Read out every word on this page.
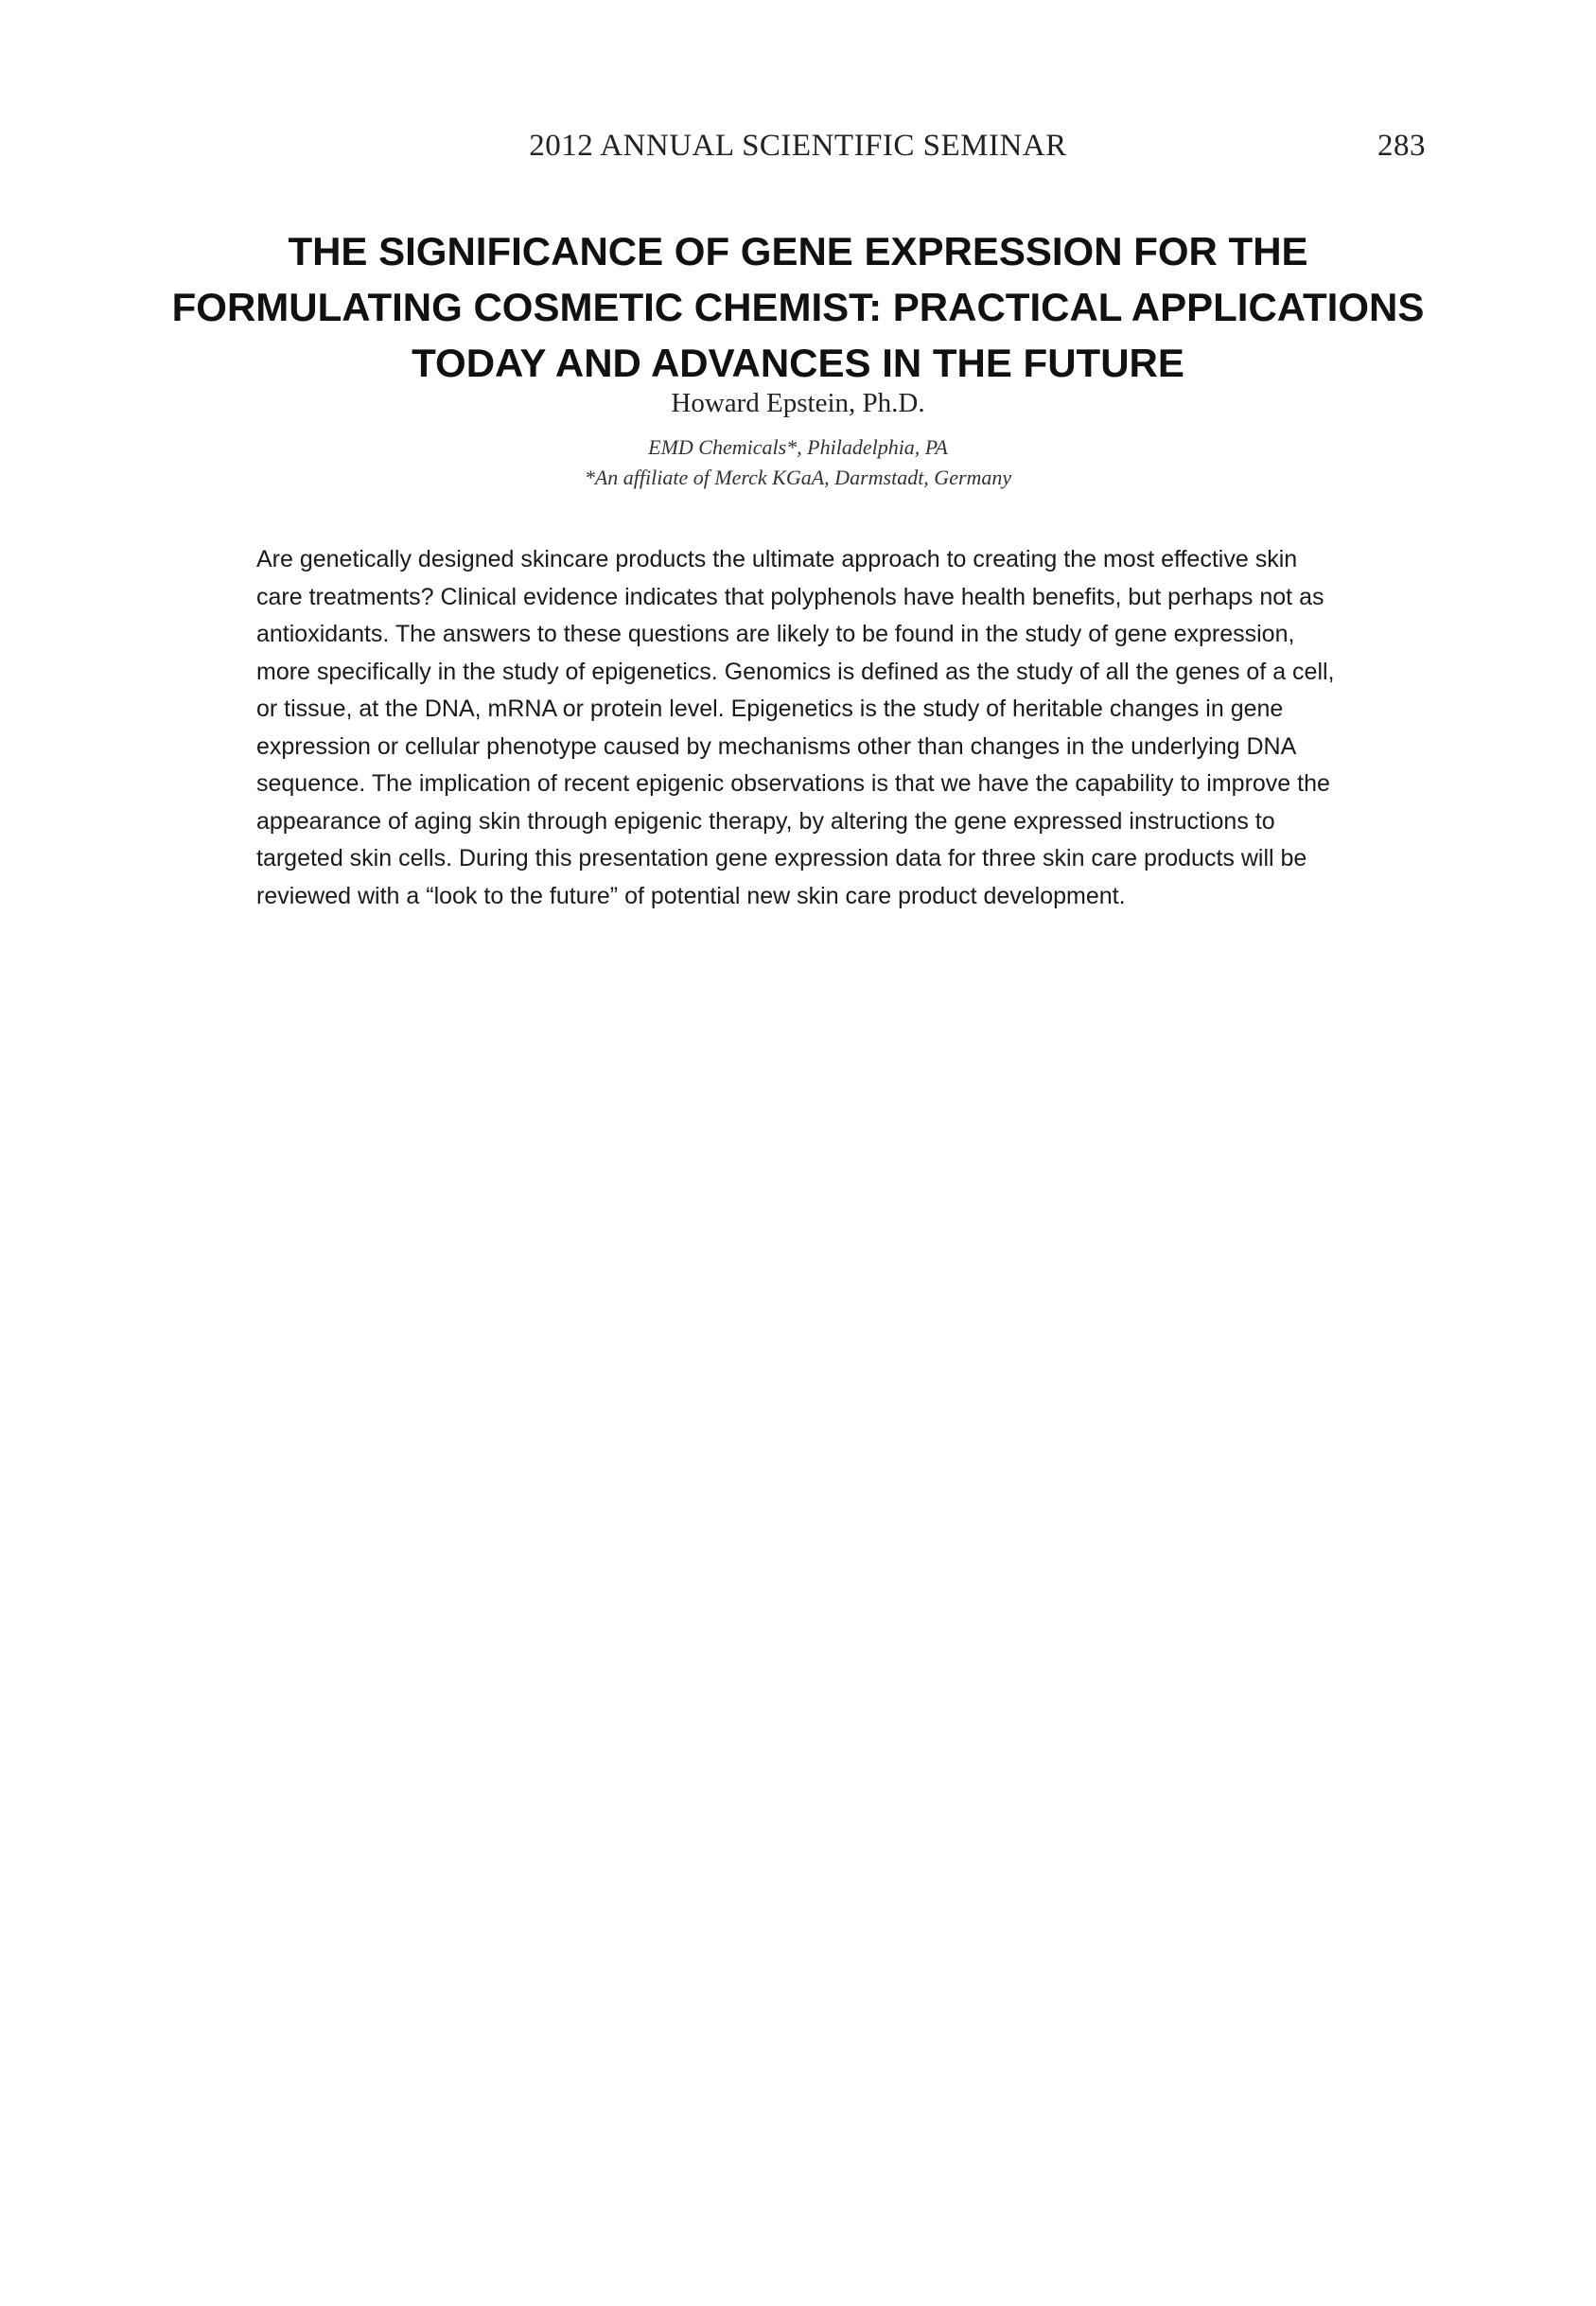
2012 ANNUAL SCIENTIFIC SEMINAR	283
THE SIGNIFICANCE OF GENE EXPRESSION FOR THE
FORMULATING COSMETIC CHEMIST: PRACTICAL APPLICATIONS
TODAY AND ADVANCES IN THE FUTURE
Howard Epstein, Ph.D.
EMD Chemicals*, Philadelphia, PA
*An affiliate of Merck KGaA, Darmstadt, Germany
Are genetically designed skincare products the ultimate approach to creating the most effective skin
care treatments? Clinical evidence indicates that polyphenols have health benefits, but perhaps not as
antioxidants. The answers to these questions are likely to be found in the study of gene expression,
more specifically in the study of epigenetics. Genomics is defined as the study of all the genes of a cell,
or tissue, at the DNA, mRNA or protein level. Epigenetics is the study of heritable changes in gene
expression or cellular phenotype caused by mechanisms other than changes in the underlying DNA
sequence. The implication of recent epigenic observations is that we have the capability to improve the
appearance of aging skin through epigenic therapy, by altering the gene expressed instructions to
targeted skin cells. During this presentation gene expression data for three skin care products will be
reviewed with a “look to the future” of potential new skin care product development.
